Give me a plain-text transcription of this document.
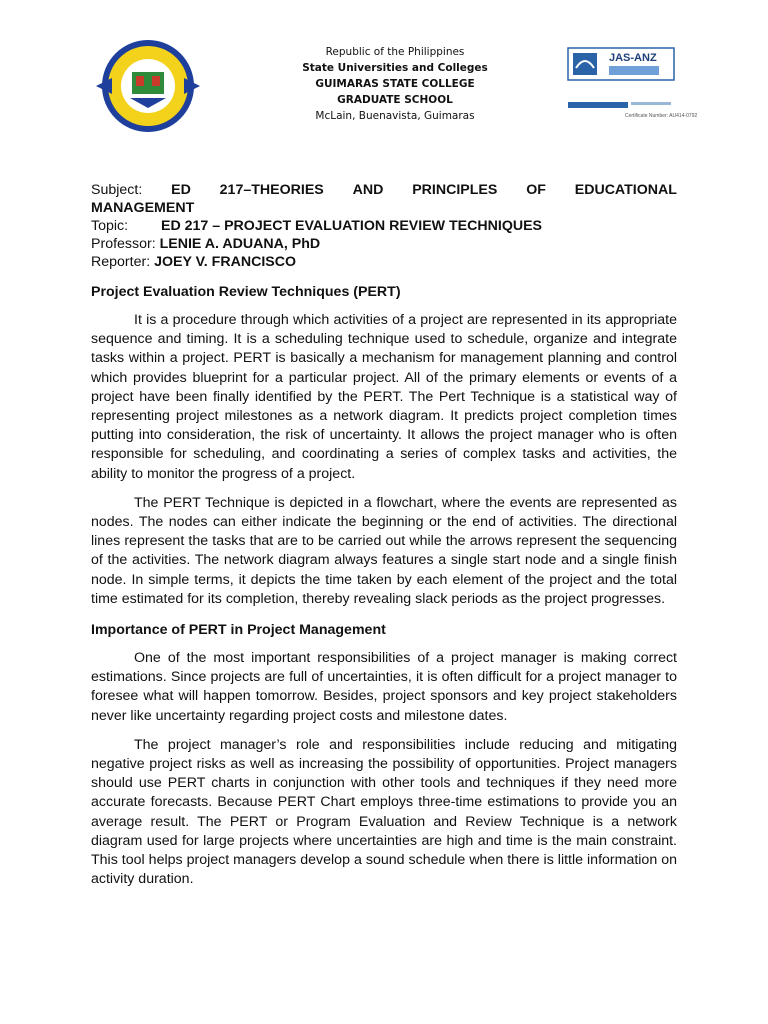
Republic of the Philippines
State Universities and Colleges
GUIMARAS STATE COLLEGE
GRADUATE SCHOOL
McLain, Buenavista, Guimaras
JAS-ANZ
Certificate Number: AU414-0792
Subject: ED 217–THEORIES AND PRINCIPLES OF EDUCATIONAL
MANAGEMENT
Topic: ED 217 – PROJECT EVALUATION REVIEW TECHNIQUES
Professor: LENIE A. ADUANA, PhD
Reporter: JOEY V. FRANCISCO
Project Evaluation Review Techniques (PERT)

It is a procedure through which activities of a project are represented in its appropriate sequence and timing. It is a scheduling technique used to schedule, organize and integrate tasks within a project. PERT is basically a mechanism for management planning and control which provides blueprint for a particular project. All of the primary elements or events of a project have been finally identified by the PERT. The Pert Technique is a statistical way of representing project milestones as a network diagram. It predicts project completion times putting into consideration, the risk of uncertainty. It allows the project manager who is often responsible for scheduling, and coordinating a series of complex tasks and activities, the ability to monitor the progress of a project.

The PERT Technique is depicted in a flowchart, where the events are represented as nodes. The nodes can either indicate the beginning or the end of activities. The directional lines represent the tasks that are to be carried out while the arrows represent the sequencing of the activities. The network diagram always features a single start node and a single finish node. In simple terms, it depicts the time taken by each element of the project and the total time estimated for its completion, thereby revealing slack periods as the project progresses.

Importance of PERT in Project Management

One of the most important responsibilities of a project manager is making correct estimations. Since projects are full of uncertainties, it is often difficult for a project manager to foresee what will happen tomorrow. Besides, project sponsors and key project stakeholders never like uncertainty regarding project costs and milestone dates.

The project manager’s role and responsibilities include reducing and mitigating negative project risks as well as increasing the possibility of opportunities. Project managers should use PERT charts in conjunction with other tools and techniques if they need more accurate forecasts. Because PERT Chart employs three-time estimations to provide you an average result. The PERT or Program Evaluation and Review Technique is a network diagram used for large projects where uncertainties are high and time is the main constraint. This tool helps project managers develop a sound schedule when there is little information on activity duration.
